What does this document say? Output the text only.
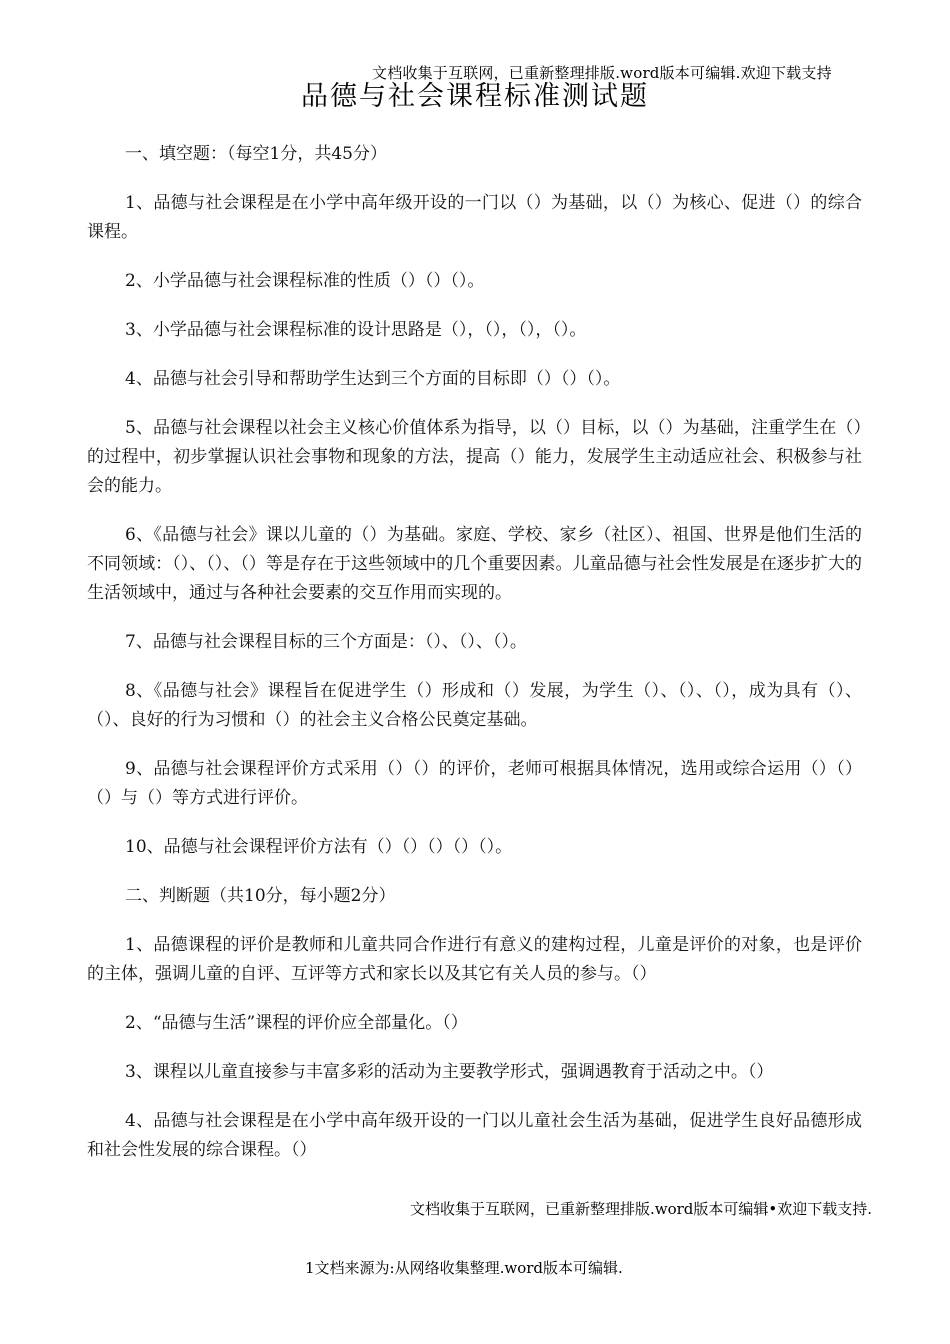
文档收集于互联网，已重新整理排版.word版本可编辑.欢迎下载支持
品德与社会课程标准测试题

一、填空题：（每空1分，共45分）

1、品德与社会课程是在小学中高年级开设的一门以（）为基础，以（）为核心、促进（）的综合课程。

2、小学品德与社会课程标准的性质（）（）（）。

3、小学品德与社会课程标准的设计思路是（），（），（），（）。

4、品德与社会引导和帮助学生达到三个方面的目标即（）（）（）。

5、品德与社会课程以社会主义核心价值体系为指导，以（）目标，以（）为基础，注重学生在（）的过程中，初步掌握认识社会事物和现象的方法，提高（）能力，发展学生主动适应社会、积极参与社会的能力。

6、《品德与社会》课以儿童的（）为基础。家庭、学校、家乡（社区）、祖国、世界是他们生活的不同领域：（）、（）、（）等是存在于这些领域中的几个重要因素。儿童品德与社会性发展是在逐步扩大的生活领域中，通过与各种社会要素的交互作用而实现的。

7、品德与社会课程目标的三个方面是：（）、（）、（）。

8、《品德与社会》课程旨在促进学生（）形成和（）发展，为学生（）、（）、（），成为具有（）、（）、良好的行为习惯和（）的社会主义合格公民奠定基础。

9、品德与社会课程评价方式采用（）（）的评价，老师可根据具体情况，选用或综合运用（）（）（）与（）等方式进行评价。

10、品德与社会课程评价方法有（）（）（）（）（）。

二、判断题（共10分，每小题2分）

1、品德课程的评价是教师和儿童共同合作进行有意义的建构过程，儿童是评价的对象，也是评价的主体，强调儿童的自评、互评等方式和家长以及其它有关人员的参与。（）

2、“品德与生活”课程的评价应全部量化。（）

3、课程以儿童直接参与丰富多彩的活动为主要教学形式，强调遇教育于活动之中。（）

4、品德与社会课程是在小学中高年级开设的一门以儿童社会生活为基础，促进学生良好品德形成和社会性发展的综合课程。（）

文档收集于互联网，已重新整理排版.word版本可编辑•欢迎下载支持.
1文档来源为:从网络收集整理.word版本可编辑.
